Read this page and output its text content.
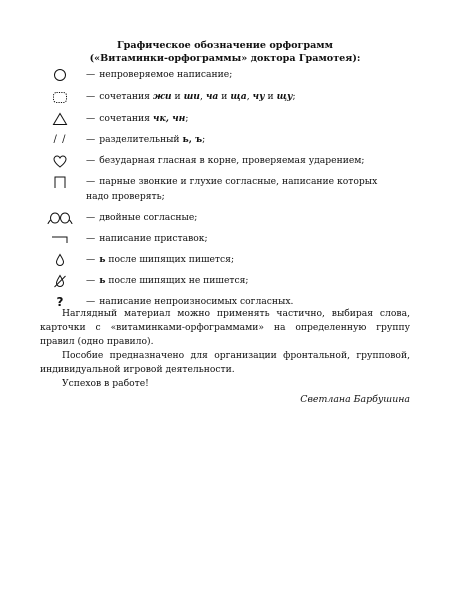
Графическое обозначение орфограмм
(«Витаминки-орфограммы» доктора Грамотея):
— непроверяемое написание;
— сочетания жи и ши, ча и ща, чу и щу;
— сочетания чк, чн;
/ / — разделительный ь, ъ;
— безударная гласная в корне, проверяемая ударением;
— парные звонкие и глухие согласные, написание которых
надо проверять;
— двойные согласные;
— написание приставок;
— ь после шипящих пишется;
— ь после шипящих не пишется;
? — написание непроизносимых согласных.

Наглядный материал можно применять частично, выбирая слова, карточки с «витаминками-орфограммами» на определенную группу правил (одно правило).

Пособие предназначено для организации фронтальной, групповой, индивидуальной игровой деятельности.

Успехов в работе!

Светлана Барбушина
